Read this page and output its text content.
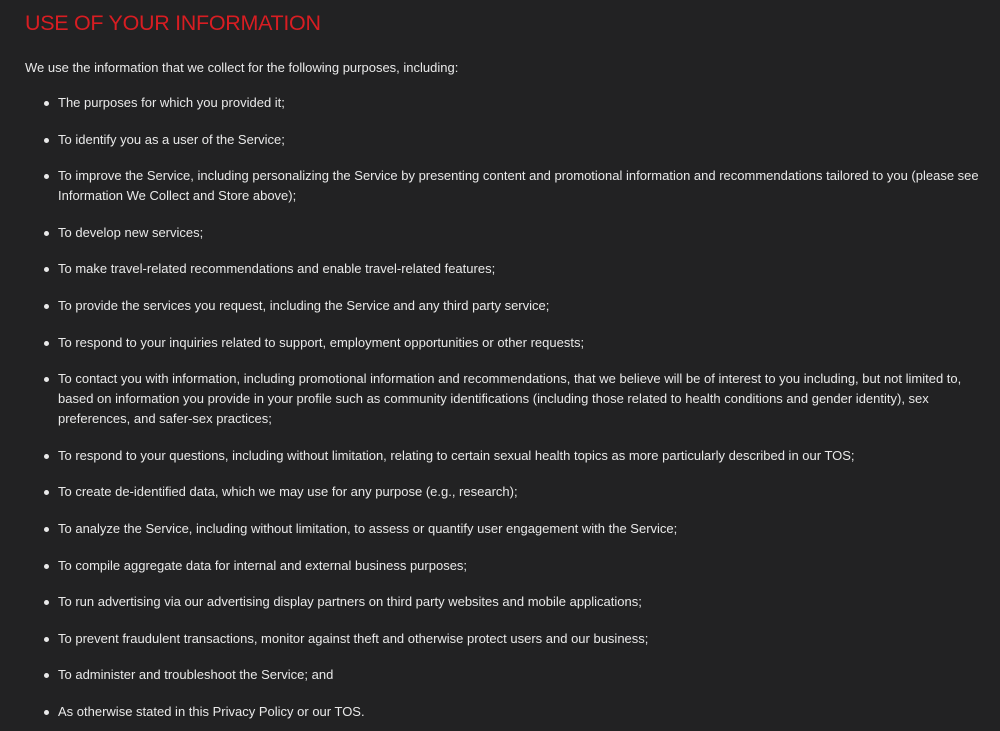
USE OF YOUR INFORMATION

We use the information that we collect for the following purposes, including:

The purposes for which you provided it;
To identify you as a user of the Service;
To improve the Service, including personalizing the Service by presenting content and promotional information and recommendations tailored to you (please see Information We Collect and Store above);
To develop new services;
To make travel-related recommendations and enable travel-related features;
To provide the services you request, including the Service and any third party service;
To respond to your inquiries related to support, employment opportunities or other requests;
To contact you with information, including promotional information and recommendations, that we believe will be of interest to you including, but not limited to, based on information you provide in your profile such as community identifications (including those related to health conditions and gender identity), sex preferences, and safer-sex practices;
To respond to your questions, including without limitation, relating to certain sexual health topics as more particularly described in our TOS;
To create de-identified data, which we may use for any purpose (e.g., research);
To analyze the Service, including without limitation, to assess or quantify user engagement with the Service;
To compile aggregate data for internal and external business purposes;
To run advertising via our advertising display partners on third party websites and mobile applications;
To prevent fraudulent transactions, monitor against theft and otherwise protect users and our business;
To administer and troubleshoot the Service; and
As otherwise stated in this Privacy Policy or our TOS.
